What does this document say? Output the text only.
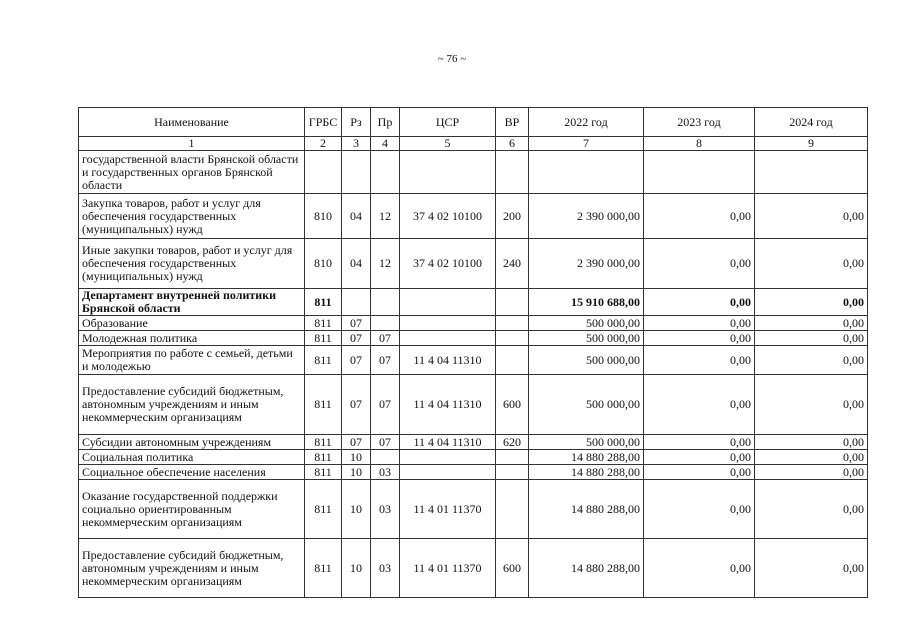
~ 76 ~
Наименование	ГРБС	Рз	Пр	ЦСР	ВР	2022 год	2023 год	2024 год
1	2	3	4	5	6	7	8	9
государственной власти Брянской области и государственных органов Брянской области								
Закупка товаров, работ и услуг для обеспечения государственных (муниципальных) нужд	810	04	12	37 4 02 10100	200	2 390 000,00	0,00	0,00
Иные закупки товаров, работ и услуг для обеспечения государственных (муниципальных) нужд	810	04	12	37 4 02 10100	240	2 390 000,00	0,00	0,00
Департамент внутренней политики Брянской области	811					15 910 688,00	0,00	0,00
Образование	811	07				500 000,00	0,00	0,00
Молодежная политика	811	07	07			500 000,00	0,00	0,00
Мероприятия по работе с семьей, детьми и молодежью	811	07	07	11 4 04 11310		500 000,00	0,00	0,00
Предоставление субсидий бюджетным, автономным учреждениям и иным некоммерческим организациям	811	07	07	11 4 04 11310	600	500 000,00	0,00	0,00
Субсидии автономным учреждениям	811	07	07	11 4 04 11310	620	500 000,00	0,00	0,00
Социальная политика	811	10				14 880 288,00	0,00	0,00
Социальное обеспечение населения	811	10	03			14 880 288,00	0,00	0,00
Оказание государственной поддержки социально ориентированным некоммерческим организациям	811	10	03	11 4 01 11370		14 880 288,00	0,00	0,00
Предоставление субсидий бюджетным, автономным учреждениям и иным некоммерческим организациям	811	10	03	11 4 01 11370	600	14 880 288,00	0,00	0,00
